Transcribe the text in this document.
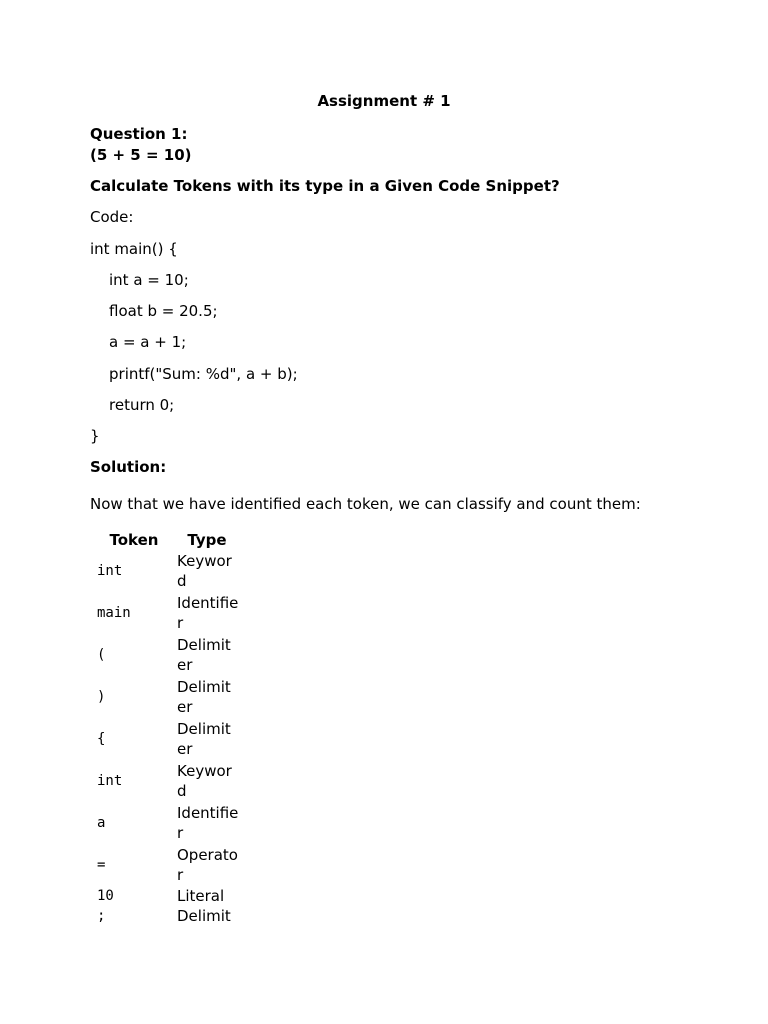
Assignment # 1
Question 1:
(5 + 5 = 10)
Calculate Tokens with its type in a Given Code Snippet?
Code:
int main() {
int a = 10;
float b = 20.5;
a = a + 1;
printf("Sum: %d", a + b);
return 0;
}
Solution:
Now that we have identified each token, we can classify and count them:
Token	Type
int	Keyword
main	Identifier
(	Delimiter
)	Delimiter
{	Delimiter
int	Keyword
a	Identifier
=	Operator
10	Literal
;	Delimit
